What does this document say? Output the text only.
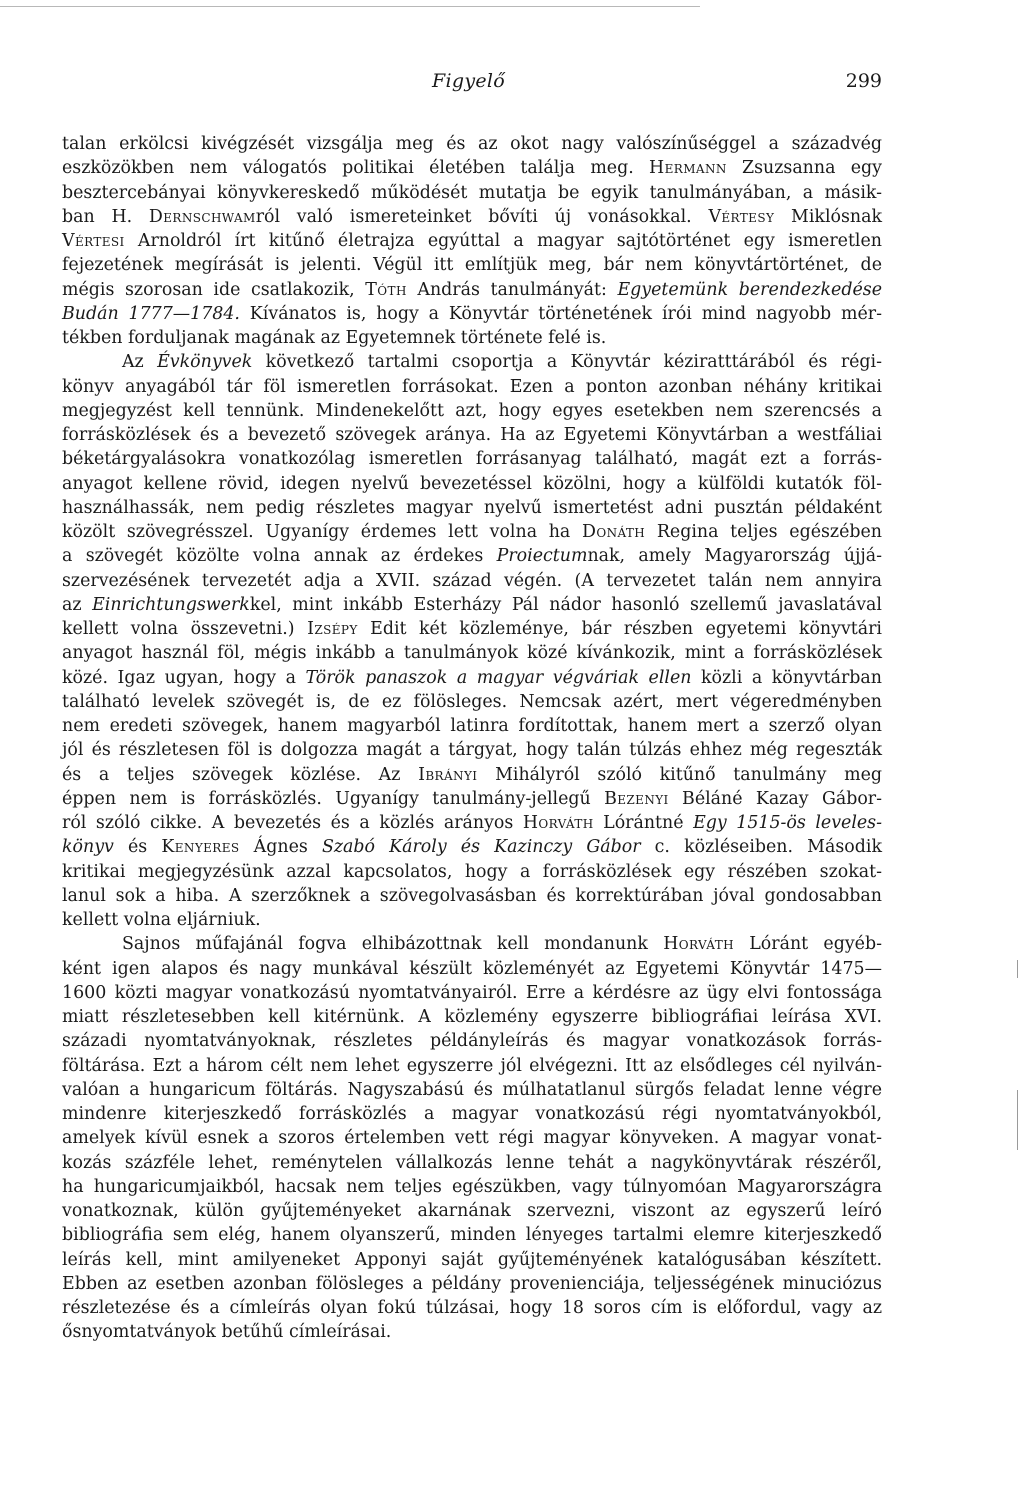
Figyelő	299
talan erkölcsi kivégzését vizsgálja meg és az okot nagy valószínűséggel a századvég
eszközökben nem válogatós politikai életében találja meg. Hermann Zsuzsanna egy
besztercebányai könyvkereskedő működését mutatja be egyik tanulmányában, a másik-
ban H. Dernschwamról való ismereteinket bővíti új vonásokkal. Vértesy Miklósnak
Vértesi Arnoldról írt kitűnő életrajza egyúttal a magyar sajtótörténet egy ismeretlen
fejezetének megírását is jelenti. Végül itt említjük meg, bár nem könyvtártörténet, de
mégis szorosan ide csatlakozik, Tóth András tanulmányát: Egyetemünk berendezkedése
Budán 1777—1784. Kívánatos is, hogy a Könyvtár történetének írói mind nagyobb mér-
tékben forduljanak magának az Egyetemnek története felé is.
Az Évkönyvek következő tartalmi csoportja a Könyvtár kéziratttárából és régi-
könyv anyagából tár föl ismeretlen forrásokat. Ezen a ponton azonban néhány kritikai
megjegyzést kell tennünk. Mindenekelőtt azt, hogy egyes esetekben nem szerencsés a
forrásközlések és a bevezető szövegek aránya. Ha az Egyetemi Könyvtárban a westfáliai
béketárgyalásokra vonatkozólag ismeretlen forrásanyag található, magát ezt a forrás-
anyagot kellene rövid, idegen nyelvű bevezetéssel közölni, hogy a külföldi kutatók föl-
használhassák, nem pedig részletes magyar nyelvű ismertetést adni pusztán példaként
közölt szövegrésszel. Ugyanígy érdemes lett volna ha Donáth Regina teljes egészében
a szövegét közölte volna annak az érdekes Proiectumnak, amely Magyarország újjá-
szervezésének tervezetét adja a XVII. század végén. (A tervezetet talán nem annyira
az Einrichtungswerkkel, mint inkább Esterházy Pál nádor hasonló szellemű javaslatával
kellett volna összevetni.) Izsépy Edit két közleménye, bár részben egyetemi könyvtári
anyagot használ föl, mégis inkább a tanulmányok közé kívánkozik, mint a forrásközlések
közé. Igaz ugyan, hogy a Török panaszok a magyar végváriak ellen közli a könyvtárban
található levelek szövegét is, de ez fölösleges. Nemcsak azért, mert végeredményben
nem eredeti szövegek, hanem magyarból latinra fordítottak, hanem mert a szerző olyan
jól és részletesen föl is dolgozza magát a tárgyat, hogy talán túlzás ehhez még regeszták
és a teljes szövegek közlése. Az Ibrányi Mihályról szóló kitűnő tanulmány meg
éppen nem is forrásközlés. Ugyanígy tanulmány-jellegű Bezenyi Béláné Kazay Gábor-
ról szóló cikke. A bevezetés és a közlés arányos Horváth Lórántné Egy 1515-ös leveles-
könyv és Kenyeres Ágnes Szabó Károly és Kazinczy Gábor c. közléseiben. Második
kritikai megjegyzésünk azzal kapcsolatos, hogy a forrásközlések egy részében szokat-
lanul sok a hiba. A szerzőknek a szövegolvasásban és korrektúrában jóval gondosabban
kellett volna eljárniuk.
Sajnos műfajánál fogva elhibázottnak kell mondanunk Horváth Lóránt egyéb-
ként igen alapos és nagy munkával készült közleményét az Egyetemi Könyvtár 1475—
1600 közti magyar vonatkozású nyomtatványairól. Erre a kérdésre az ügy elvi fontossága
miatt részletesebben kell kitérnünk. A közlemény egyszerre bibliográfiai leírása XVI.
századi nyomtatványoknak, részletes példányleírás és magyar vonatkozások forrás-
föltárása. Ezt a három célt nem lehet egyszerre jól elvégezni. Itt az elsődleges cél nyilván-
valóan a hungaricum föltárás. Nagyszabású és múlhatatlanul sürgős feladat lenne végre
mindenre kiterjeszkedő forrásközlés a magyar vonatkozású régi nyomtatványokból,
amelyek kívül esnek a szoros értelemben vett régi magyar könyveken. A magyar vonat-
kozás százféle lehet, reménytelen vállalkozás lenne tehát a nagykönyvtárak részéről,
ha hungaricumjaikból, hacsak nem teljes egészükben, vagy túlnyomóan Magyarországra
vonatkoznak, külön gyűjteményeket akarnának szervezni, viszont az egyszerű leíró
bibliográfia sem elég, hanem olyanszerű, minden lényeges tartalmi elemre kiterjeszkedő
leírás kell, mint amilyeneket Apponyi saját gyűjteményének katalógusában készített.
Ebben az esetben azonban fölösleges a példány provenienciája, teljességének minuciózus
részletezése és a címleírás olyan fokú túlzásai, hogy 18 soros cím is előfordul, vagy az
ősnyomtatványok betűhű címleírásai.
